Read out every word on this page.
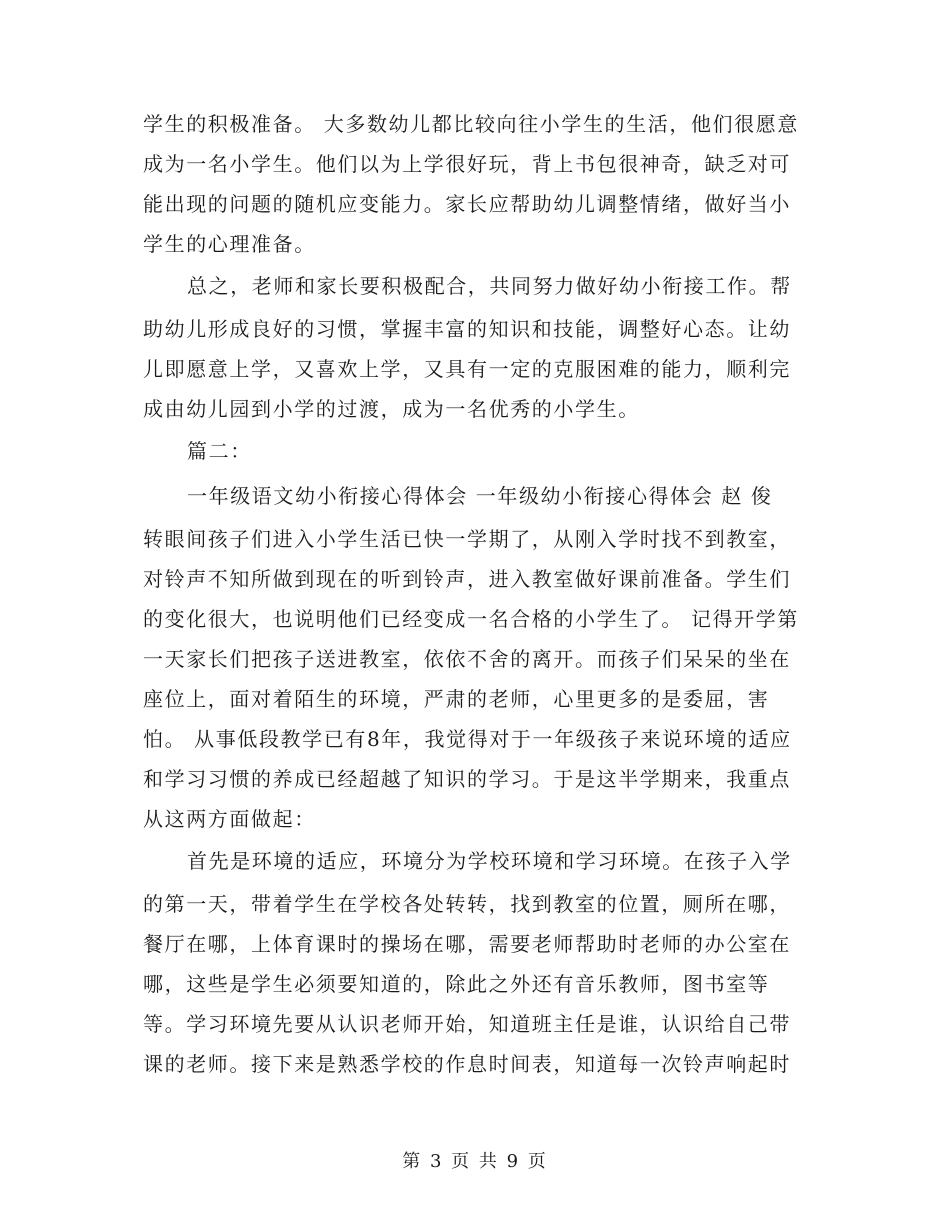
学生的积极准备。 大多数幼儿都比较向往小学生的生活，他们很愿意
成为一名小学生。他们以为上学很好玩，背上书包很神奇，缺乏对可
能出现的问题的随机应变能力。家长应帮助幼儿调整情绪，做好当小
学生的心理准备。
总之，老师和家长要积极配合，共同努力做好幼小衔接工作。帮
助幼儿形成良好的习惯，掌握丰富的知识和技能，调整好心态。让幼
儿即愿意上学，又喜欢上学，又具有一定的克服困难的能力，顺利完
成由幼儿园到小学的过渡，成为一名优秀的小学生。
篇二：
一年级语文幼小衔接心得体会 一年级幼小衔接心得体会 赵 俊
转眼间孩子们进入小学生活已快一学期了，从刚入学时找不到教室，
对铃声不知所做到现在的听到铃声，进入教室做好课前准备。学生们
的变化很大，也说明他们已经变成一名合格的小学生了。 记得开学第
一天家长们把孩子送进教室，依依不舍的离开。而孩子们呆呆的坐在
座位上，面对着陌生的环境，严肃的老师，心里更多的是委屈，害
怕。 从事低段教学已有8年，我觉得对于一年级孩子来说环境的适应
和学习习惯的养成已经超越了知识的学习。于是这半学期来，我重点
从这两方面做起：
首先是环境的适应，环境分为学校环境和学习环境。在孩子入学
的第一天，带着学生在学校各处转转，找到教室的位置，厕所在哪，
餐厅在哪，上体育课时的操场在哪，需要老师帮助时老师的办公室在
哪，这些是学生必须要知道的，除此之外还有音乐教师，图书室等
等。学习环境先要从认识老师开始，知道班主任是谁，认识给自己带
课的老师。接下来是熟悉学校的作息时间表，知道每一次铃声响起时
第 3 页 共 9 页
